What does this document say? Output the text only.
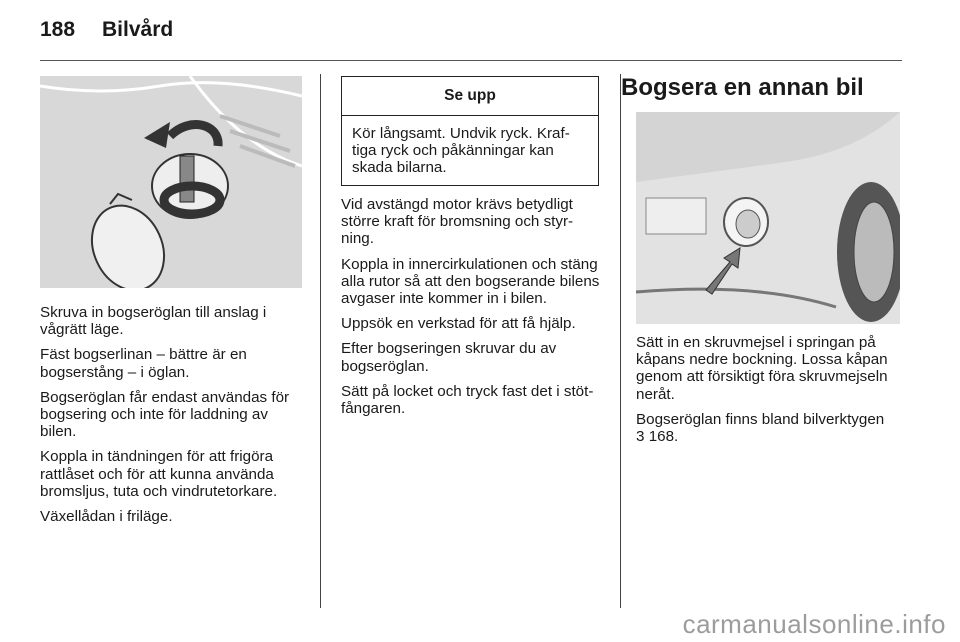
188	Bilvård

Skruva in bogseröglan till anslag i vågrätt läge.

Fäst bogserlinan – bättre är en bogserstång – i öglan.

Bogseröglan får endast användas för bogsering och inte för laddning av bilen.

Koppla in tändningen för att frigöra rattlåset och för att kunna använda bromsljus, tuta och vindrutetorkare.

Växellådan i friläge.

Se upp
Kör långsamt. Undvik ryck. Kraf- tiga ryck och påkänningar kan skada bilarna.

Vid avstängd motor krävs betydligt större kraft för bromsning och styr- ning.

Koppla in innercirkulationen och stäng alla rutor så att den bogserande bilens avgaser inte kommer in i bilen.

Uppsök en verkstad för att få hjälp.

Efter bogseringen skruvar du av bogseröglan.

Sätt på locket och tryck fast det i stöt- fångaren.

Bogsera en annan bil

Sätt in en skruvmejsel i springan på kåpans nedre bockning. Lossa kåpan genom att försiktigt föra skruvmejseln neråt.

Bogseröglan finns bland bilverktygen

3 168.
carmanualsonline.info
